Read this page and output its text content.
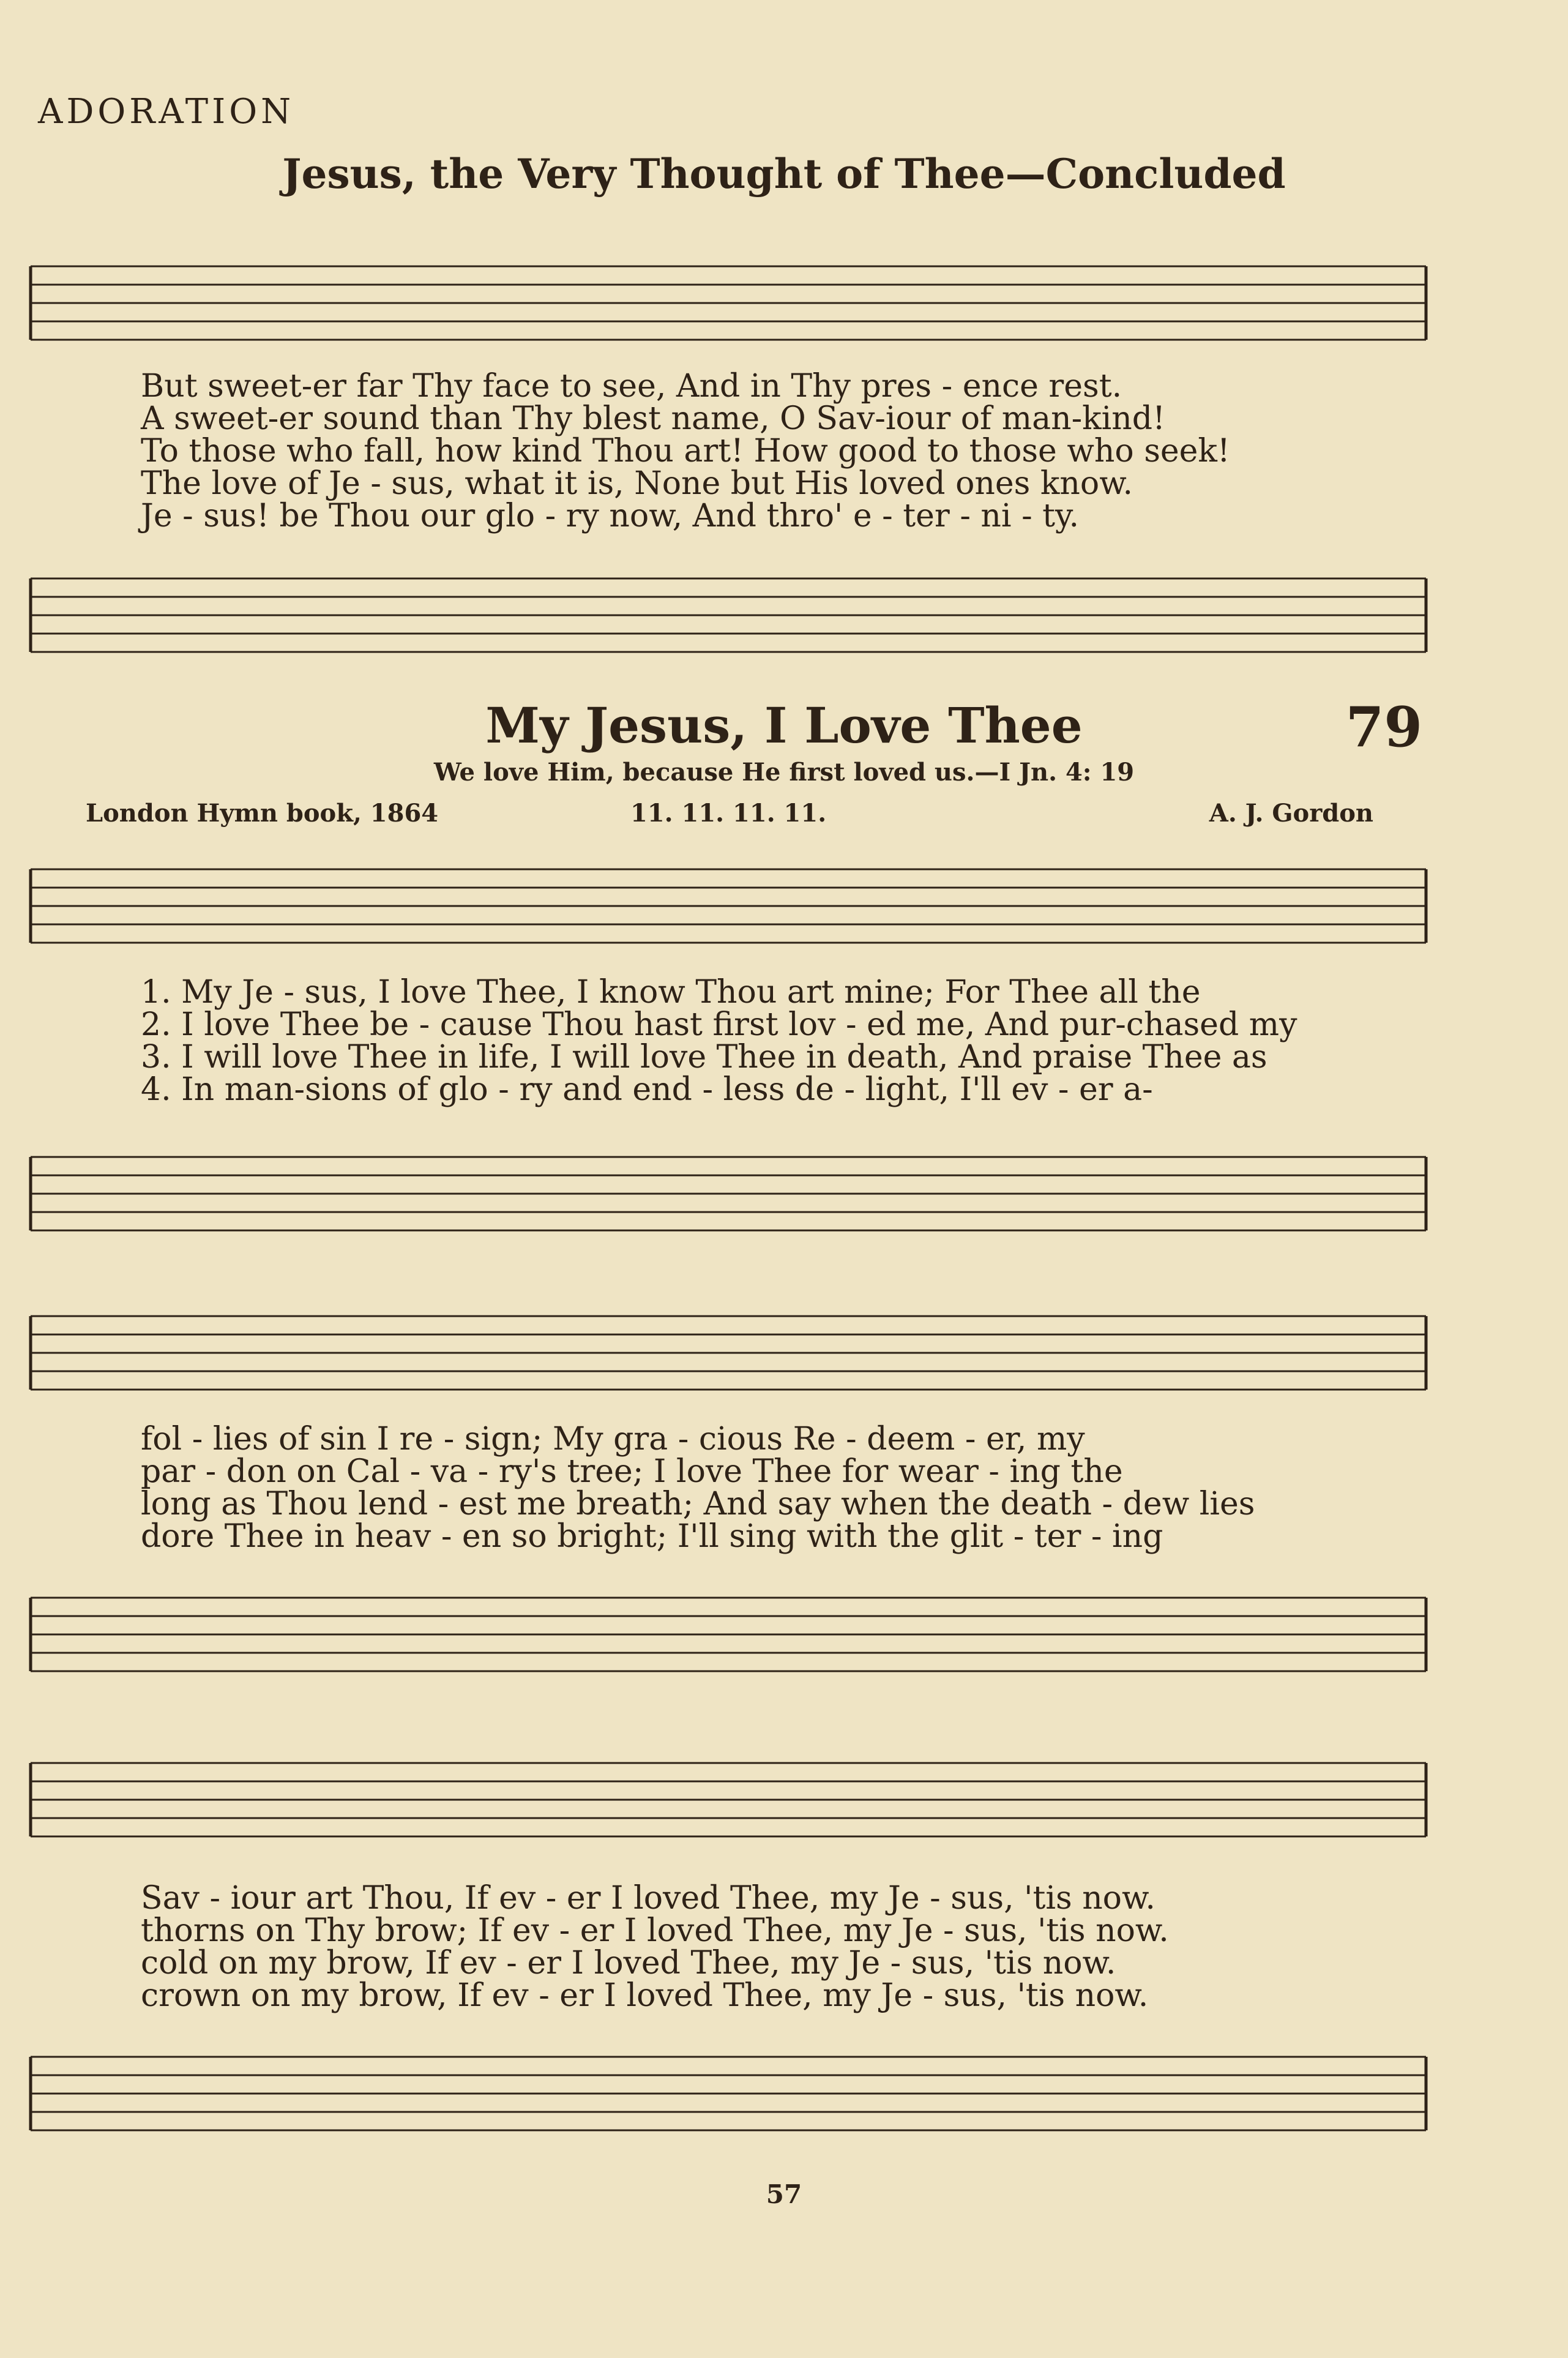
ADORATION
Jesus, the Very Thought of Thee—Concluded
But sweet-er far Thy face to see, And in Thy pres - ence rest.
A sweet-er sound than Thy blest name, O Sav-iour of man-kind!
To those who fall, how kind Thou art! How good to those who seek!
The love of Je - sus, what it is, None but His loved ones know.
Je - sus! be Thou our glo - ry now, And thro' e - ter - ni - ty.
My Jesus, I Love Thee	79
We love Him, because He first loved us.—I Jn. 4: 19
London Hymn book, 1864	11. 11. 11. 11.	A. J. Gordon
1. My Je - sus, I love Thee, I know Thou art mine; For Thee all the
2. I love Thee be - cause Thou hast first lov - ed me, And pur-chased my
3. I will love Thee in life, I will love Thee in death, And praise Thee as
4. In man-sions of glo - ry and end - less de - light, I'll ev - er a-
fol - lies of sin I re - sign; My gra - cious Re - deem - er, my
par - don on Cal - va - ry's tree; I love Thee for wear - ing the
long as Thou lend - est me breath; And say when the death - dew lies
dore Thee in heav - en so bright; I'll sing with the glit - ter - ing
Sav - iour art Thou, If ev - er I loved Thee, my Je - sus, 'tis now.
thorns on Thy brow; If ev - er I loved Thee, my Je - sus, 'tis now.
cold on my brow, If ev - er I loved Thee, my Je - sus, 'tis now.
crown on my brow, If ev - er I loved Thee, my Je - sus, 'tis now.
57
